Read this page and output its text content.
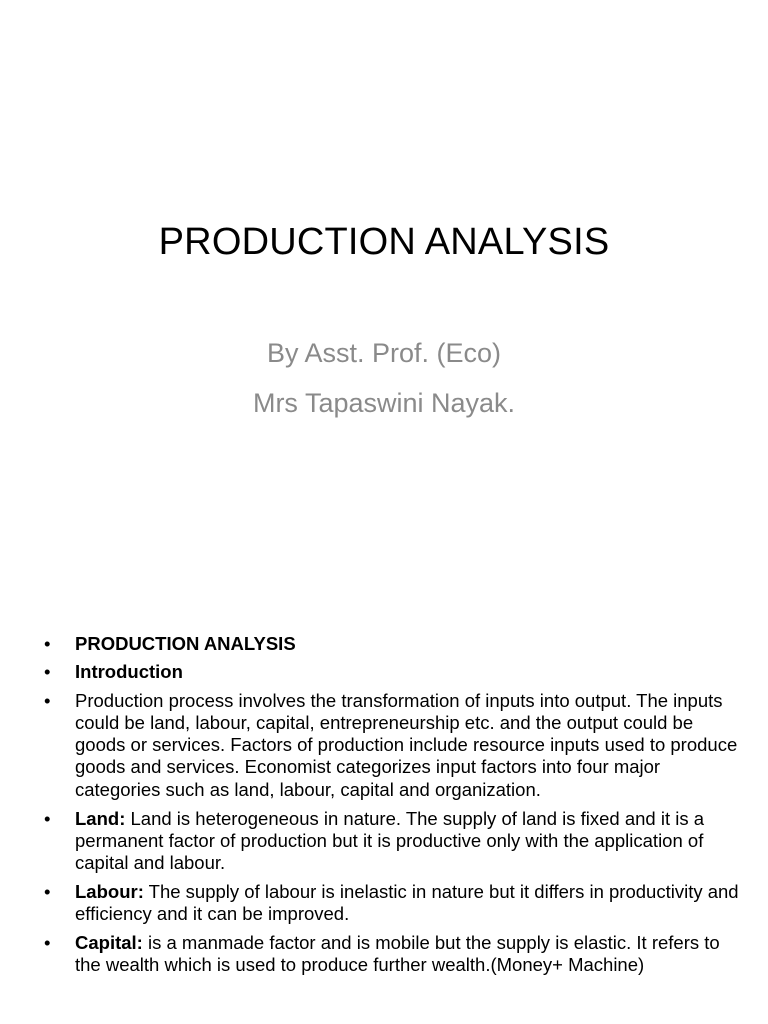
PRODUCTION ANALYSIS
By Asst. Prof. (Eco)
Mrs Tapaswini Nayak.
• PRODUCTION ANALYSIS
• Introduction
• Production process involves the transformation of inputs into output. The inputs could be land, labour, capital, entrepreneurship etc. and the output could be goods or services. Factors of production include resource inputs used to produce goods and services. Economist categorizes input factors into four major categories such as land, labour, capital and organization.
• Land: Land is heterogeneous in nature. The supply of land is fixed and it is a permanent factor of production but it is productive only with the application of capital and labour.
• Labour: The supply of labour is inelastic in nature but it differs in productivity and efficiency and it can be improved.
• Capital: is a manmade factor and is mobile but the supply is elastic. It refers to the wealth which is used to produce further wealth.(Money+ Machine)
